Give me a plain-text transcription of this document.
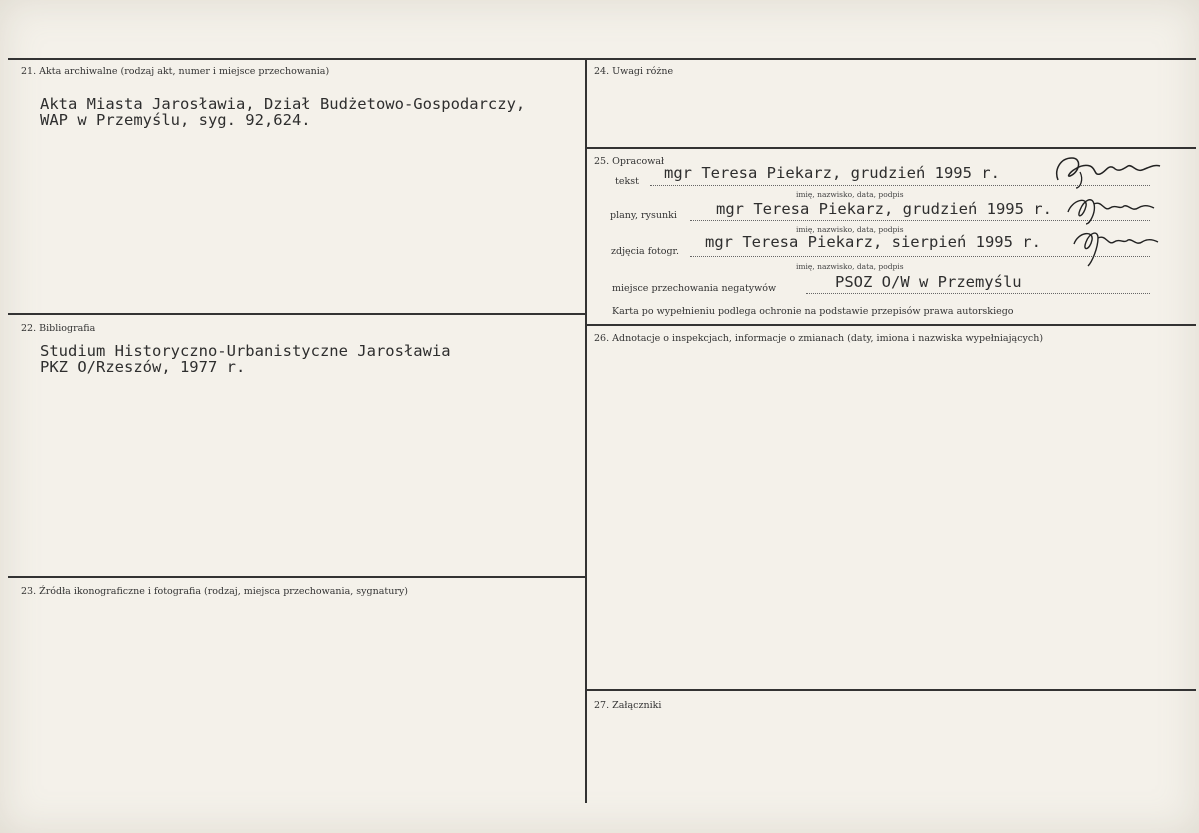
21. Akta archiwalne (rodzaj akt, numer i miejsce przechowania)
Akta Miasta Jarosławia, Dział Budżetowo-Gospodarczy,
WAP w Przemyślu, syg. 92,624.
22. Bibliografia
Studium Historyczno-Urbanistyczne Jarosławia
PKZ O/Rzeszów, 1977 r.
23. Źródła ikonograficzne i fotografia (rodzaj, miejsca przechowania, sygnatury)
24. Uwagi różne
25. Opracował
tekst mgr Teresa Piekarz, grudzień 1995 r.
imię, nazwisko, data, podpis
plany, rysunki	mgr Teresa Piekarz, grudzień 1995 r.
imię, nazwisko, data, podpis
zdjęcia fotogr.
mgr Teresa Piekarz, sierpień 1995 r.
imię, nazwisko, data, podpis
miejsce przechowania negatywów	PSOZ O/W w Przemyślu
Karta po wypełnieniu podlega ochronie na podstawie przepisów prawa autorskiego
26. Adnotacje o inspekcjach, informacje o zmianach (daty, imiona i nazwiska wypełniających)
27. Załączniki
